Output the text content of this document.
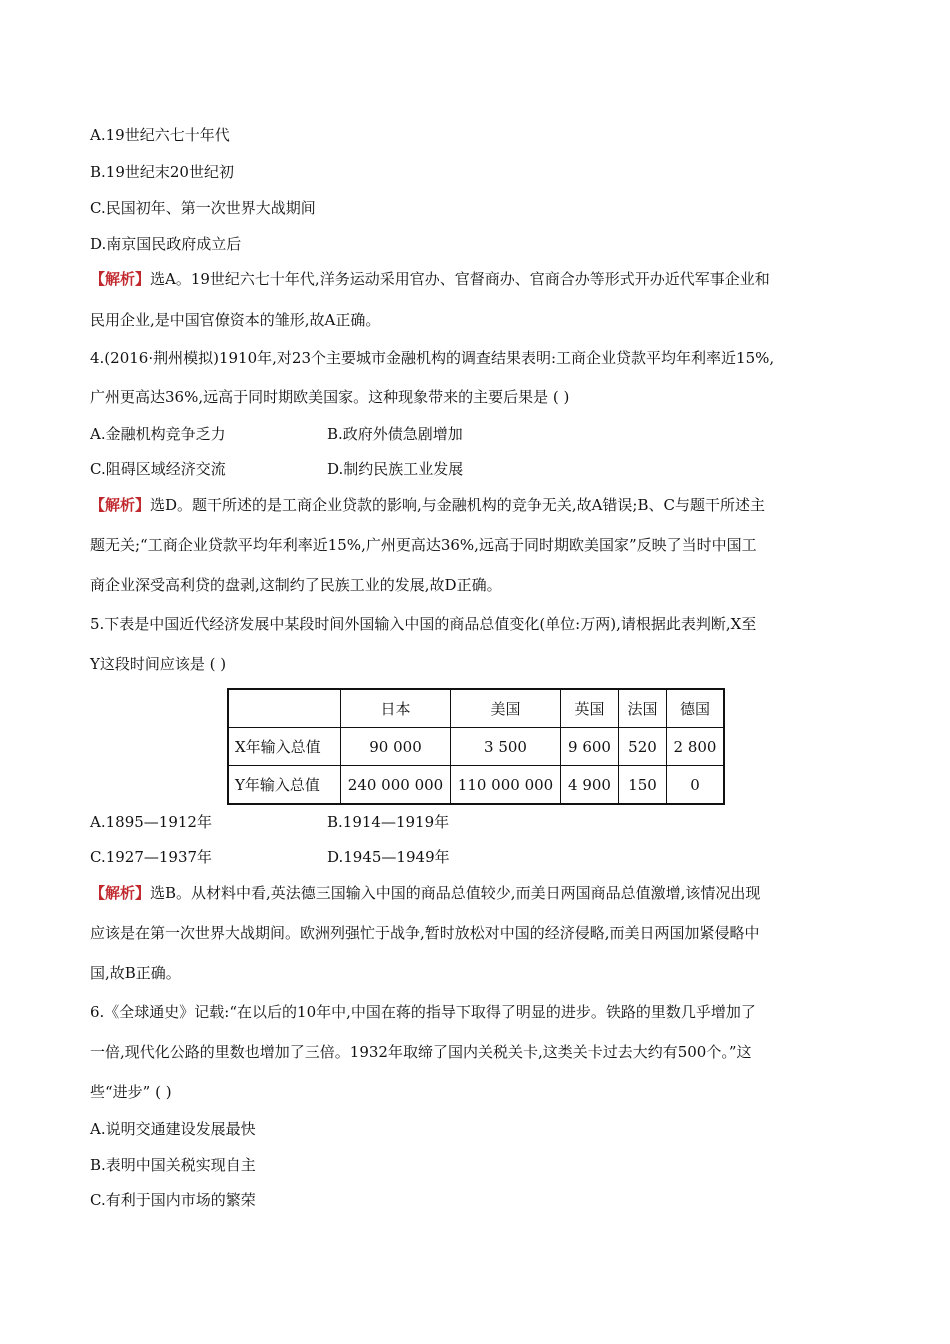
A.19世纪六七十年代
B.19世纪末20世纪初
C.民国初年、第一次世界大战期间
D.南京国民政府成立后
【解析】选A。19世纪六七十年代,洋务运动采用官办、官督商办、官商合办等形式开办近代军事企业和
民用企业,是中国官僚资本的雏形,故A正确。
4.(2016·荆州模拟)1910年,对23个主要城市金融机构的调查结果表明:工商企业贷款平均年利率近15%,
广州更高达36%,远高于同时期欧美国家。这种现象带来的主要后果是 ( )
A.金融机构竞争乏力	B.政府外债急剧增加
C.阻碍区域经济交流	D.制约民族工业发展
【解析】选D。题干所述的是工商企业贷款的影响,与金融机构的竞争无关,故A错误;B、C与题干所述主
题无关;“工商企业贷款平均年利率近15%,广州更高达36%,远高于同时期欧美国家”反映了当时中国工
商企业深受高利贷的盘剥,这制约了民族工业的发展,故D正确。
5.下表是中国近代经济发展中某段时间外国输入中国的商品总值变化(单位:万两),请根据此表判断,X至
Y这段时间应该是 ( )
	日本	美国	英国	法国	德国
X年输入总值	90 000	3 500	9 600	520	2 800
Y年输入总值	240 000 000	110 000 000	4 900	150	0
A.1895—1912年	B.1914—1919年
C.1927—1937年	D.1945—1949年
【解析】选B。从材料中看,英法德三国输入中国的商品总值较少,而美日两国商品总值激增,该情况出现
应该是在第一次世界大战期间。欧洲列强忙于战争,暂时放松对中国的经济侵略,而美日两国加紧侵略中
国,故B正确。
6.《全球通史》记载:“在以后的10年中,中国在蒋的指导下取得了明显的进步。铁路的里数几乎增加了
一倍,现代化公路的里数也增加了三倍。1932年取缔了国内关税关卡,这类关卡过去大约有500个。”这
些“进步” ( )
A.说明交通建设发展最快
B.表明中国关税实现自主
C.有利于国内市场的繁荣
